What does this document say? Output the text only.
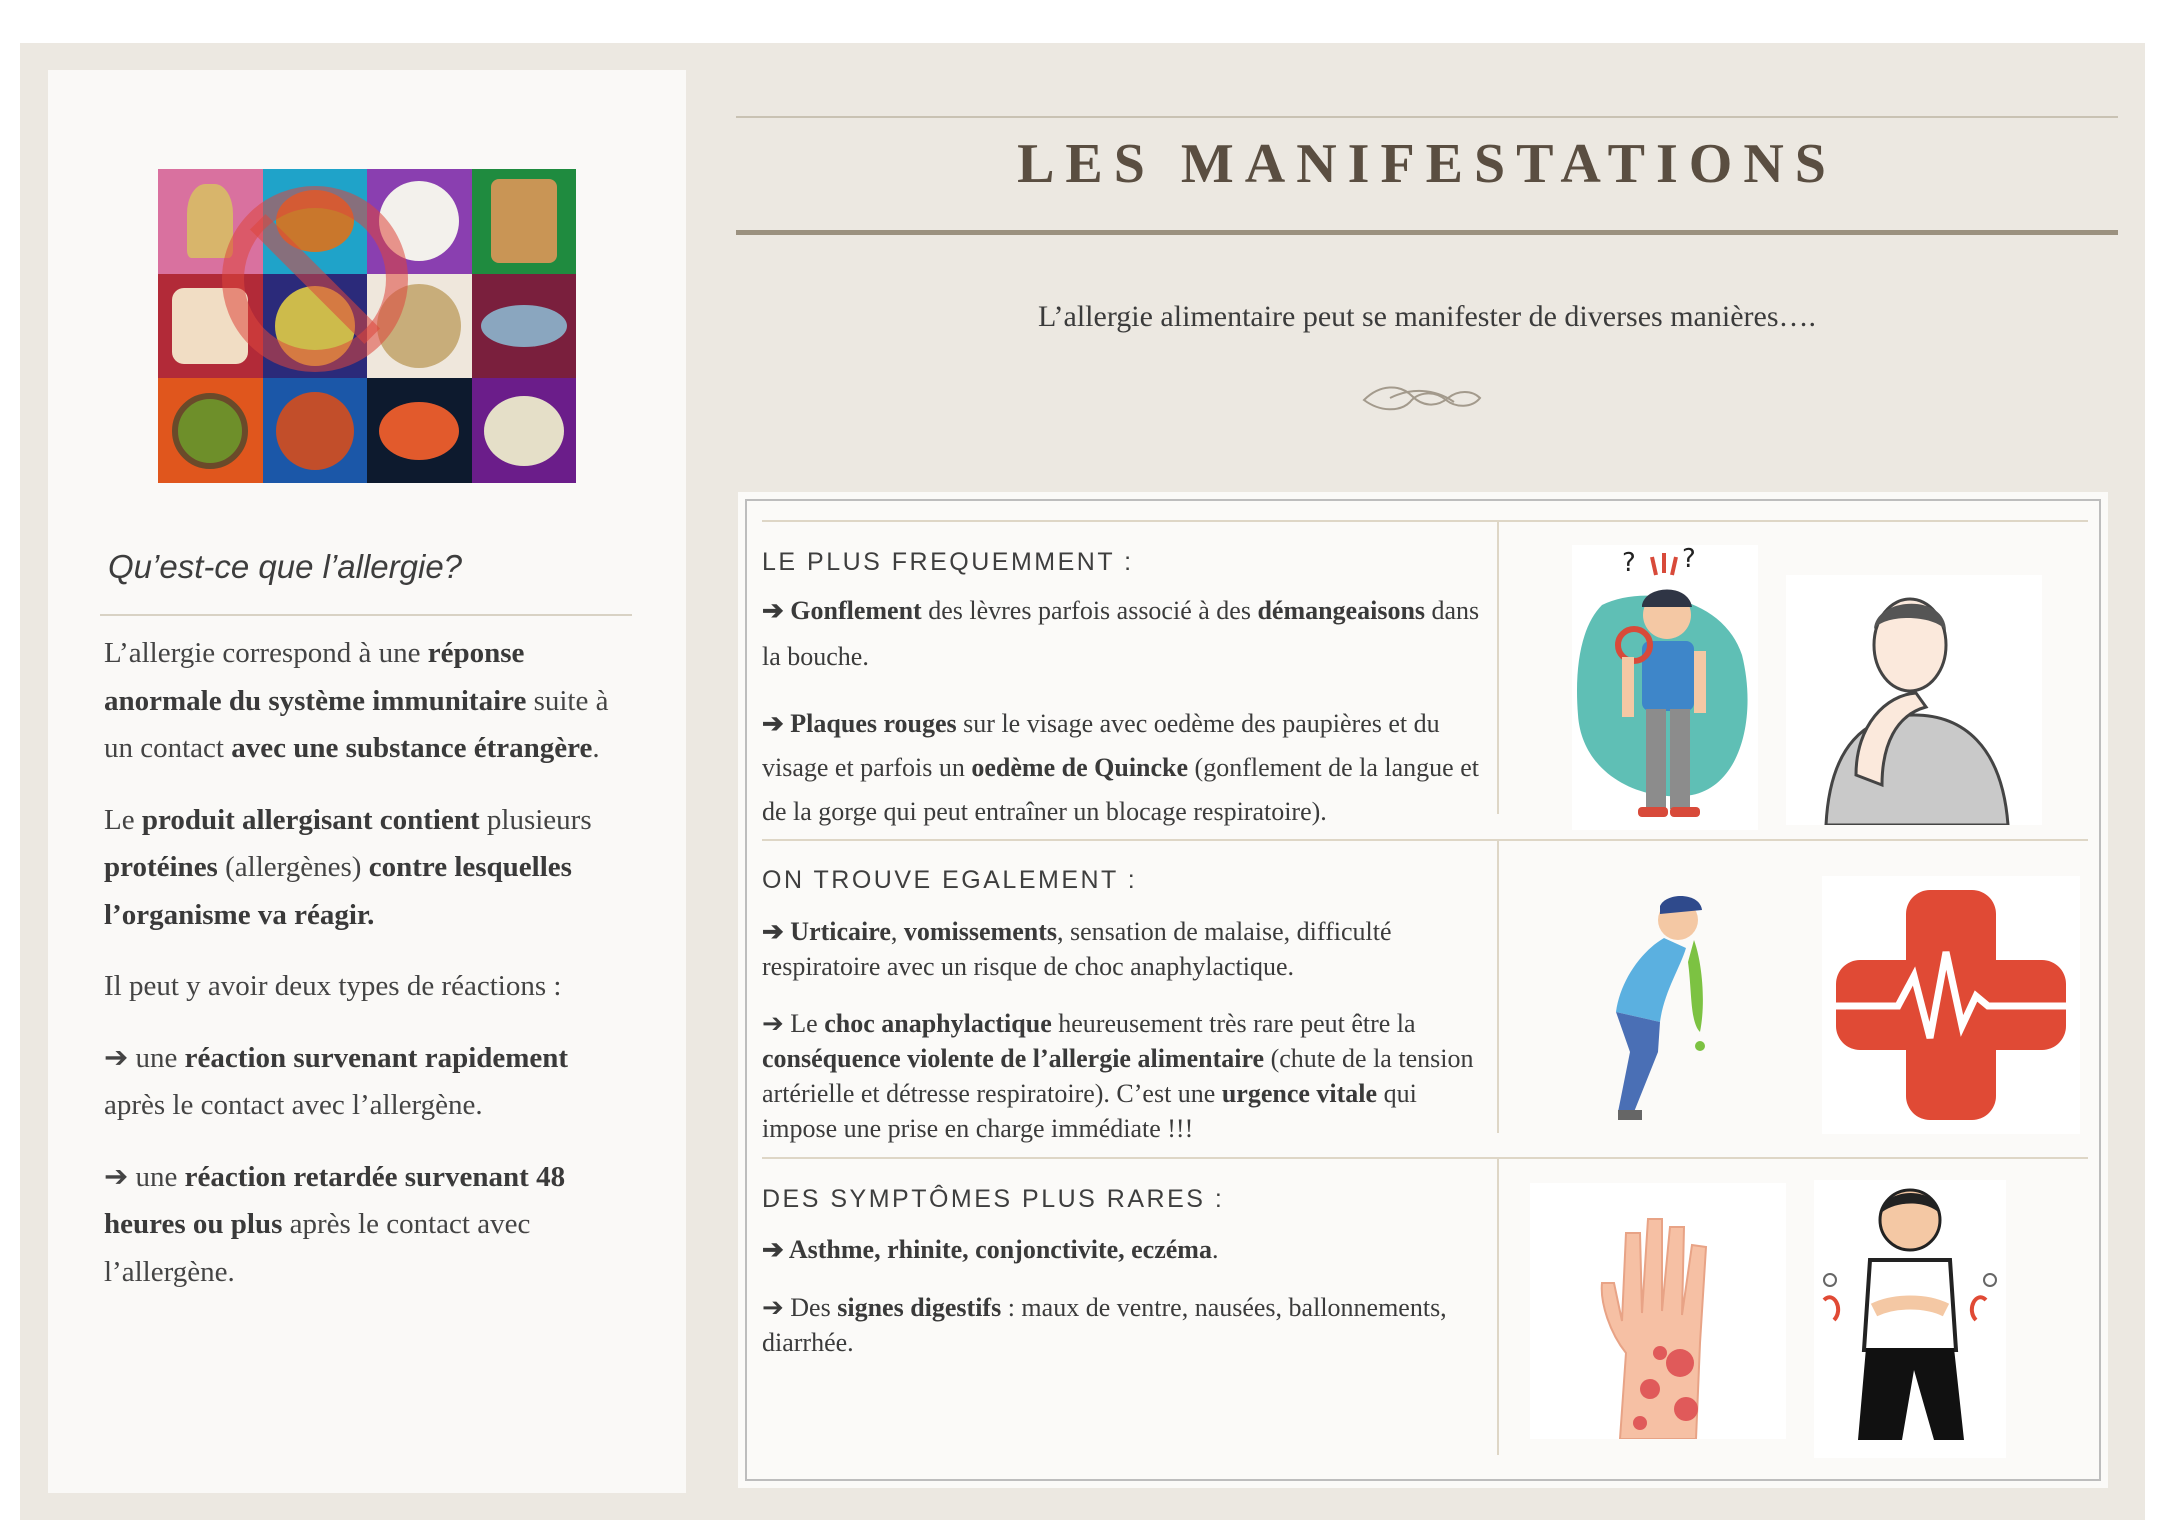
Qu’est-ce que l’allergie?

L’allergie correspond à une réponse anormale du système immunitaire suite à un contact avec une substance étrangère.

Le produit allergisant contient plusieurs protéines (allergènes) contre lesquelles l’organisme va réagir.

Il peut y avoir deux types de réactions :

➔ une réaction survenant rapidement après le contact avec l’allergène.

➔ une réaction retardée survenant 48 heures ou plus après le contact avec l’allergène.

LES MANIFESTATIONS
L’allergie alimentaire peut se manifester de diverses manières….
LE PLUS FREQUEMMENT :
➔ Gonflement des lèvres parfois associé à des démangeaisons dans la bouche.
➔ Plaques rouges sur le visage avec oedème des paupières et du visage et parfois un oedème de Quincke (gonflement de la langue et de la gorge qui peut entraîner un blocage respiratoire).
ON TROUVE EGALEMENT :
➔ Urticaire, vomissements, sensation de malaise, difficulté respiratoire avec un risque de choc anaphylactique.
➔ Le choc anaphylactique heureusement très rare peut être la conséquence violente de l’allergie alimentaire (chute de la tension artérielle et détresse respiratoire). C’est une urgence vitale qui impose une prise en charge immédiate !!!
DES SYMPTÔMES PLUS RARES :
➔ Asthme, rhinite, conjonctivite, eczéma.
➔ Des signes digestifs : maux de ventre, nausées, ballonnements, diarrhée.
? ?
